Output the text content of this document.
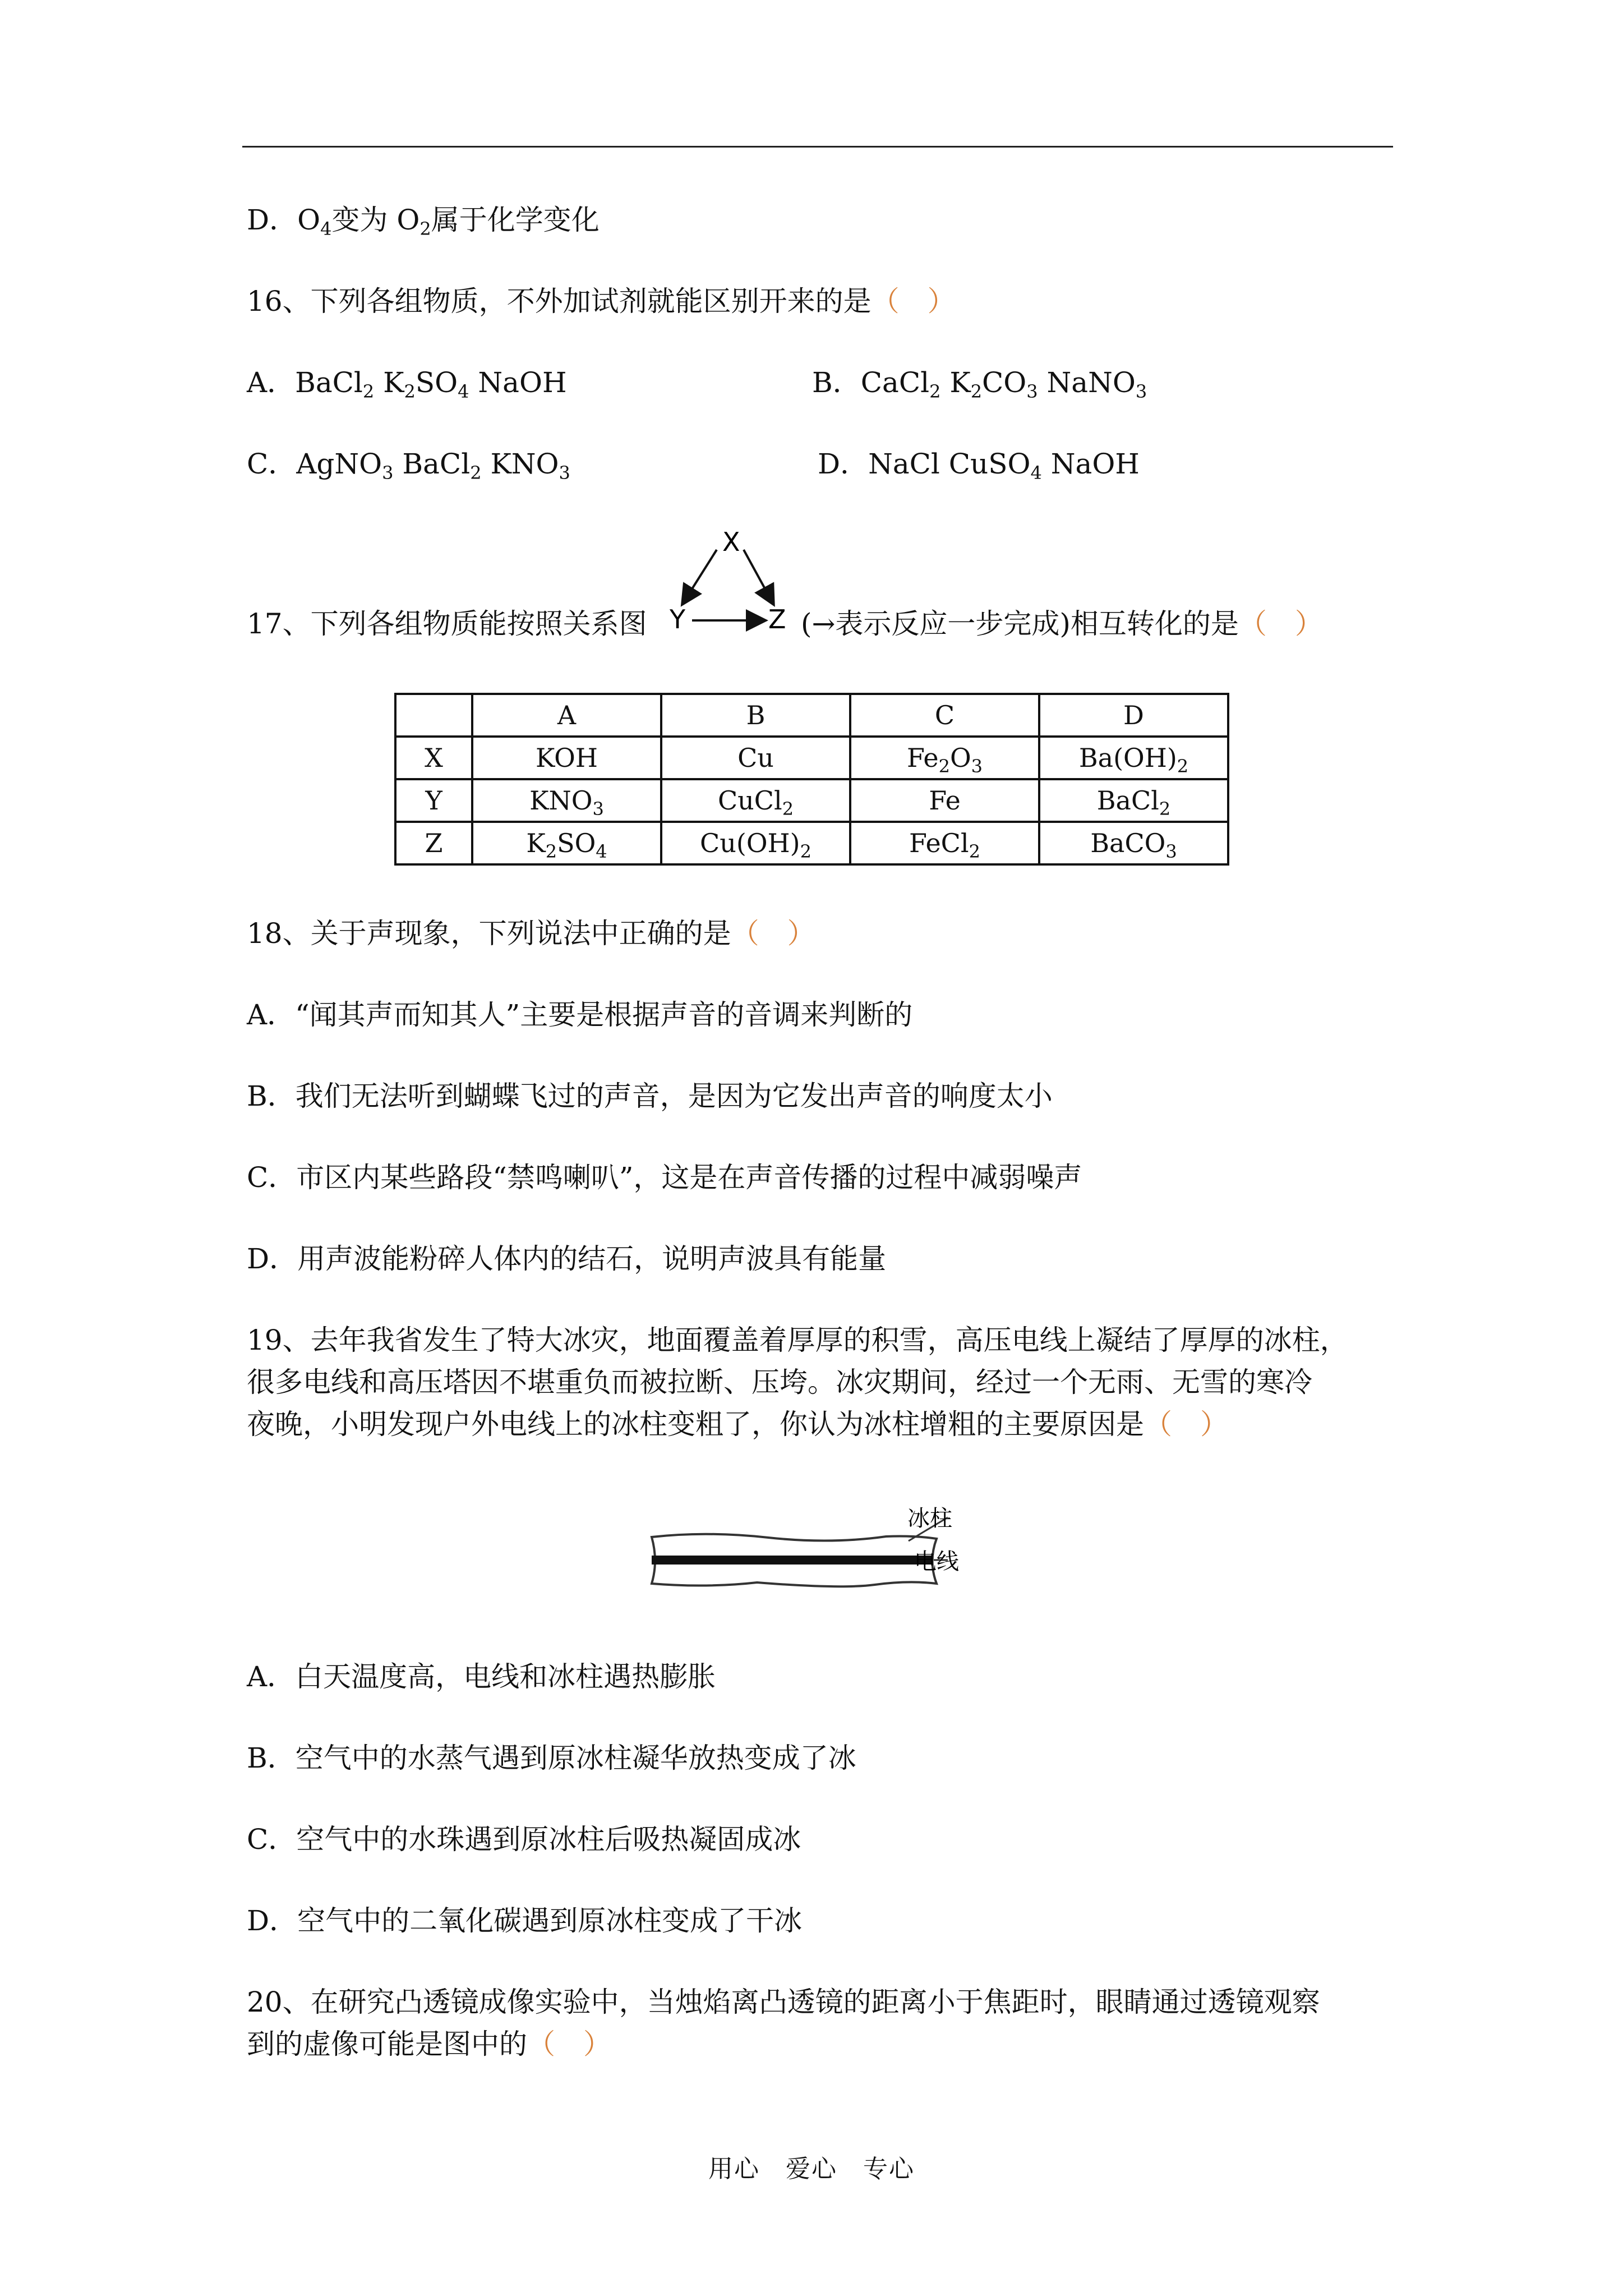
D．$O_4$变为 $O_2$属于化学变化
16、下列各组物质，不外加试剂就能区别开来的是（　）
A．BaCl$_2$ $K_2SO_4$ NaOH	B．CaCl$_2$ $K_2CO_3$ NaNO$_3$
C．AgNO$_3$ BaCl$_2$ $KNO_3$	D．NaCl CuSO$_4$ NaOH
17、下列各组物质能按照关系图
X
Y	Z (→表示反应一步完成)相互转化的是（　）
	A	B	C	D
X	KOH	Cu	$Fe_2O_3$	$Ba(OH)_2$
Y	$KNO_3$	CuCl$_2$	Fe	BaCl$_2$
Z	$K_2SO_4$	$Cu(OH)_2$	FeCl$_2$	BaCO$_3$
18、关于声现象，下列说法中正确的是（　）
A．“闻其声而知其人”主要是根据声音的音调来判断的
B．我们无法听到蝴蝶飞过的声音，是因为它发出声音的响度太小
C．市区内某些路段“禁鸣喇叭”，这是在声音传播的过程中减弱噪声
D．用声波能粉碎人体内的结石，说明声波具有能量
19、去年我省发生了特大冰灾，地面覆盖着厚厚的积雪，高压电线上凝结了厚厚的冰柱，
很多电线和高压塔因不堪重负而被拉断、压垮。冰灾期间，经过一个无雨、无雪的寒冷
夜晚，小明发现户外电线上的冰柱变粗了，你认为冰柱增粗的主要原因是（　）
冰柱
电线
A．白天温度高，电线和冰柱遇热膨胀
B．空气中的水蒸气遇到原冰柱凝华放热变成了冰
C．空气中的水珠遇到原冰柱后吸热凝固成冰
D．空气中的二氧化碳遇到原冰柱变成了干冰
20、在研究凸透镜成像实验中，当烛焰离凸透镜的距离小于焦距时，眼睛通过透镜观察
到的虚像可能是图中的（　）
用心　爱心　专心
